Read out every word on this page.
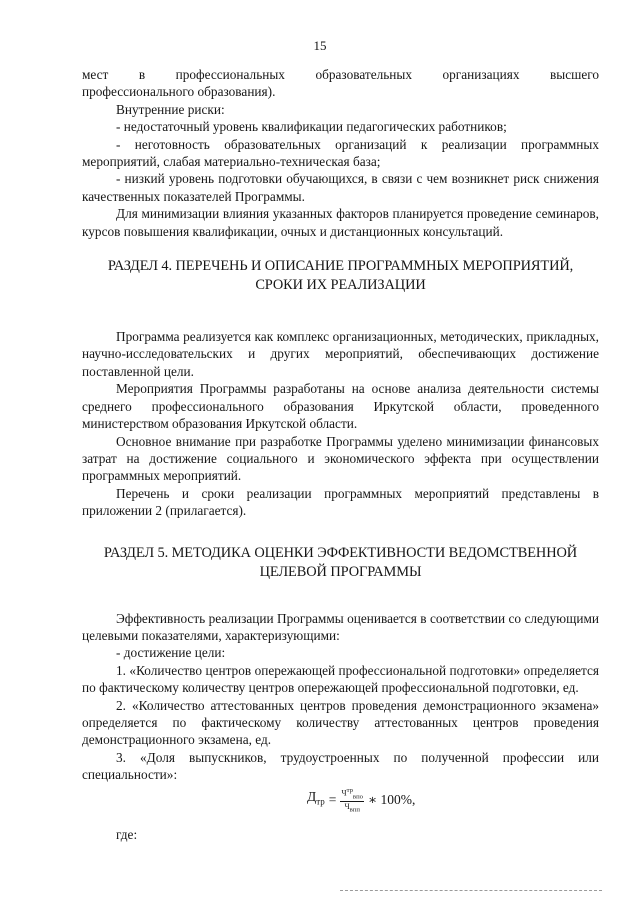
15

мест в профессиональных образовательных организациях высшего

профессионального образования).

Внутренние риски:

- недостаточный уровень квалификации педагогических работников;

- неготовность образовательных организаций к реализации программных мероприятий, слабая материально-техническая база;

- низкий уровень подготовки обучающихся, в связи с чем возникнет риск снижения качественных показателей Программы.

Для минимизации влияния указанных факторов планируется проведение семинаров, курсов повышения квалификации, очных и дистанционных консультаций.

РАЗДЕЛ 4. ПЕРЕЧЕНЬ И ОПИСАНИЕ ПРОГРАММНЫХ МЕРОПРИЯТИЙ,
СРОКИ ИХ РЕАЛИЗАЦИИ

Программа реализуется как комплекс организационных, методических, прикладных, научно-исследовательских и других мероприятий, обеспечивающих достижение поставленной цели.

Мероприятия Программы разработаны на основе анализа деятельности системы среднего профессионального образования Иркутской области, проведенного министерством образования Иркутской области.

Основное внимание при разработке Программы уделено минимизации финансовых затрат на достижение социального и экономического эффекта при осуществлении программных мероприятий.

Перечень и сроки реализации программных мероприятий представлены в приложении 2 (прилагается).

РАЗДЕЛ 5. МЕТОДИКА ОЦЕНКИ ЭФФЕКТИВНОСТИ ВЕДОМСТВЕННОЙ
ЦЕЛЕВОЙ ПРОГРАММЫ

Эффективность реализации Программы оценивается в соответствии со следующими целевыми показателями, характеризующими:

- достижение цели:

1. «Количество центров опережающей профессиональной подготовки» определяется по фактическому количеству центров опережающей профессиональной подготовки, ед.

2. «Количество аттестованных центров проведения демонстрационного экзамена» определяется по фактическому количеству аттестованных центров проведения демонстрационного экзамена, ед.

3. «Доля выпускников, трудоустроенных по полученной профессии или специальности»:

$Д_{тр} = \frac{Ч^{тр}_{впо}}{Ч_{впп}}$ ∗ 100%,

где:
